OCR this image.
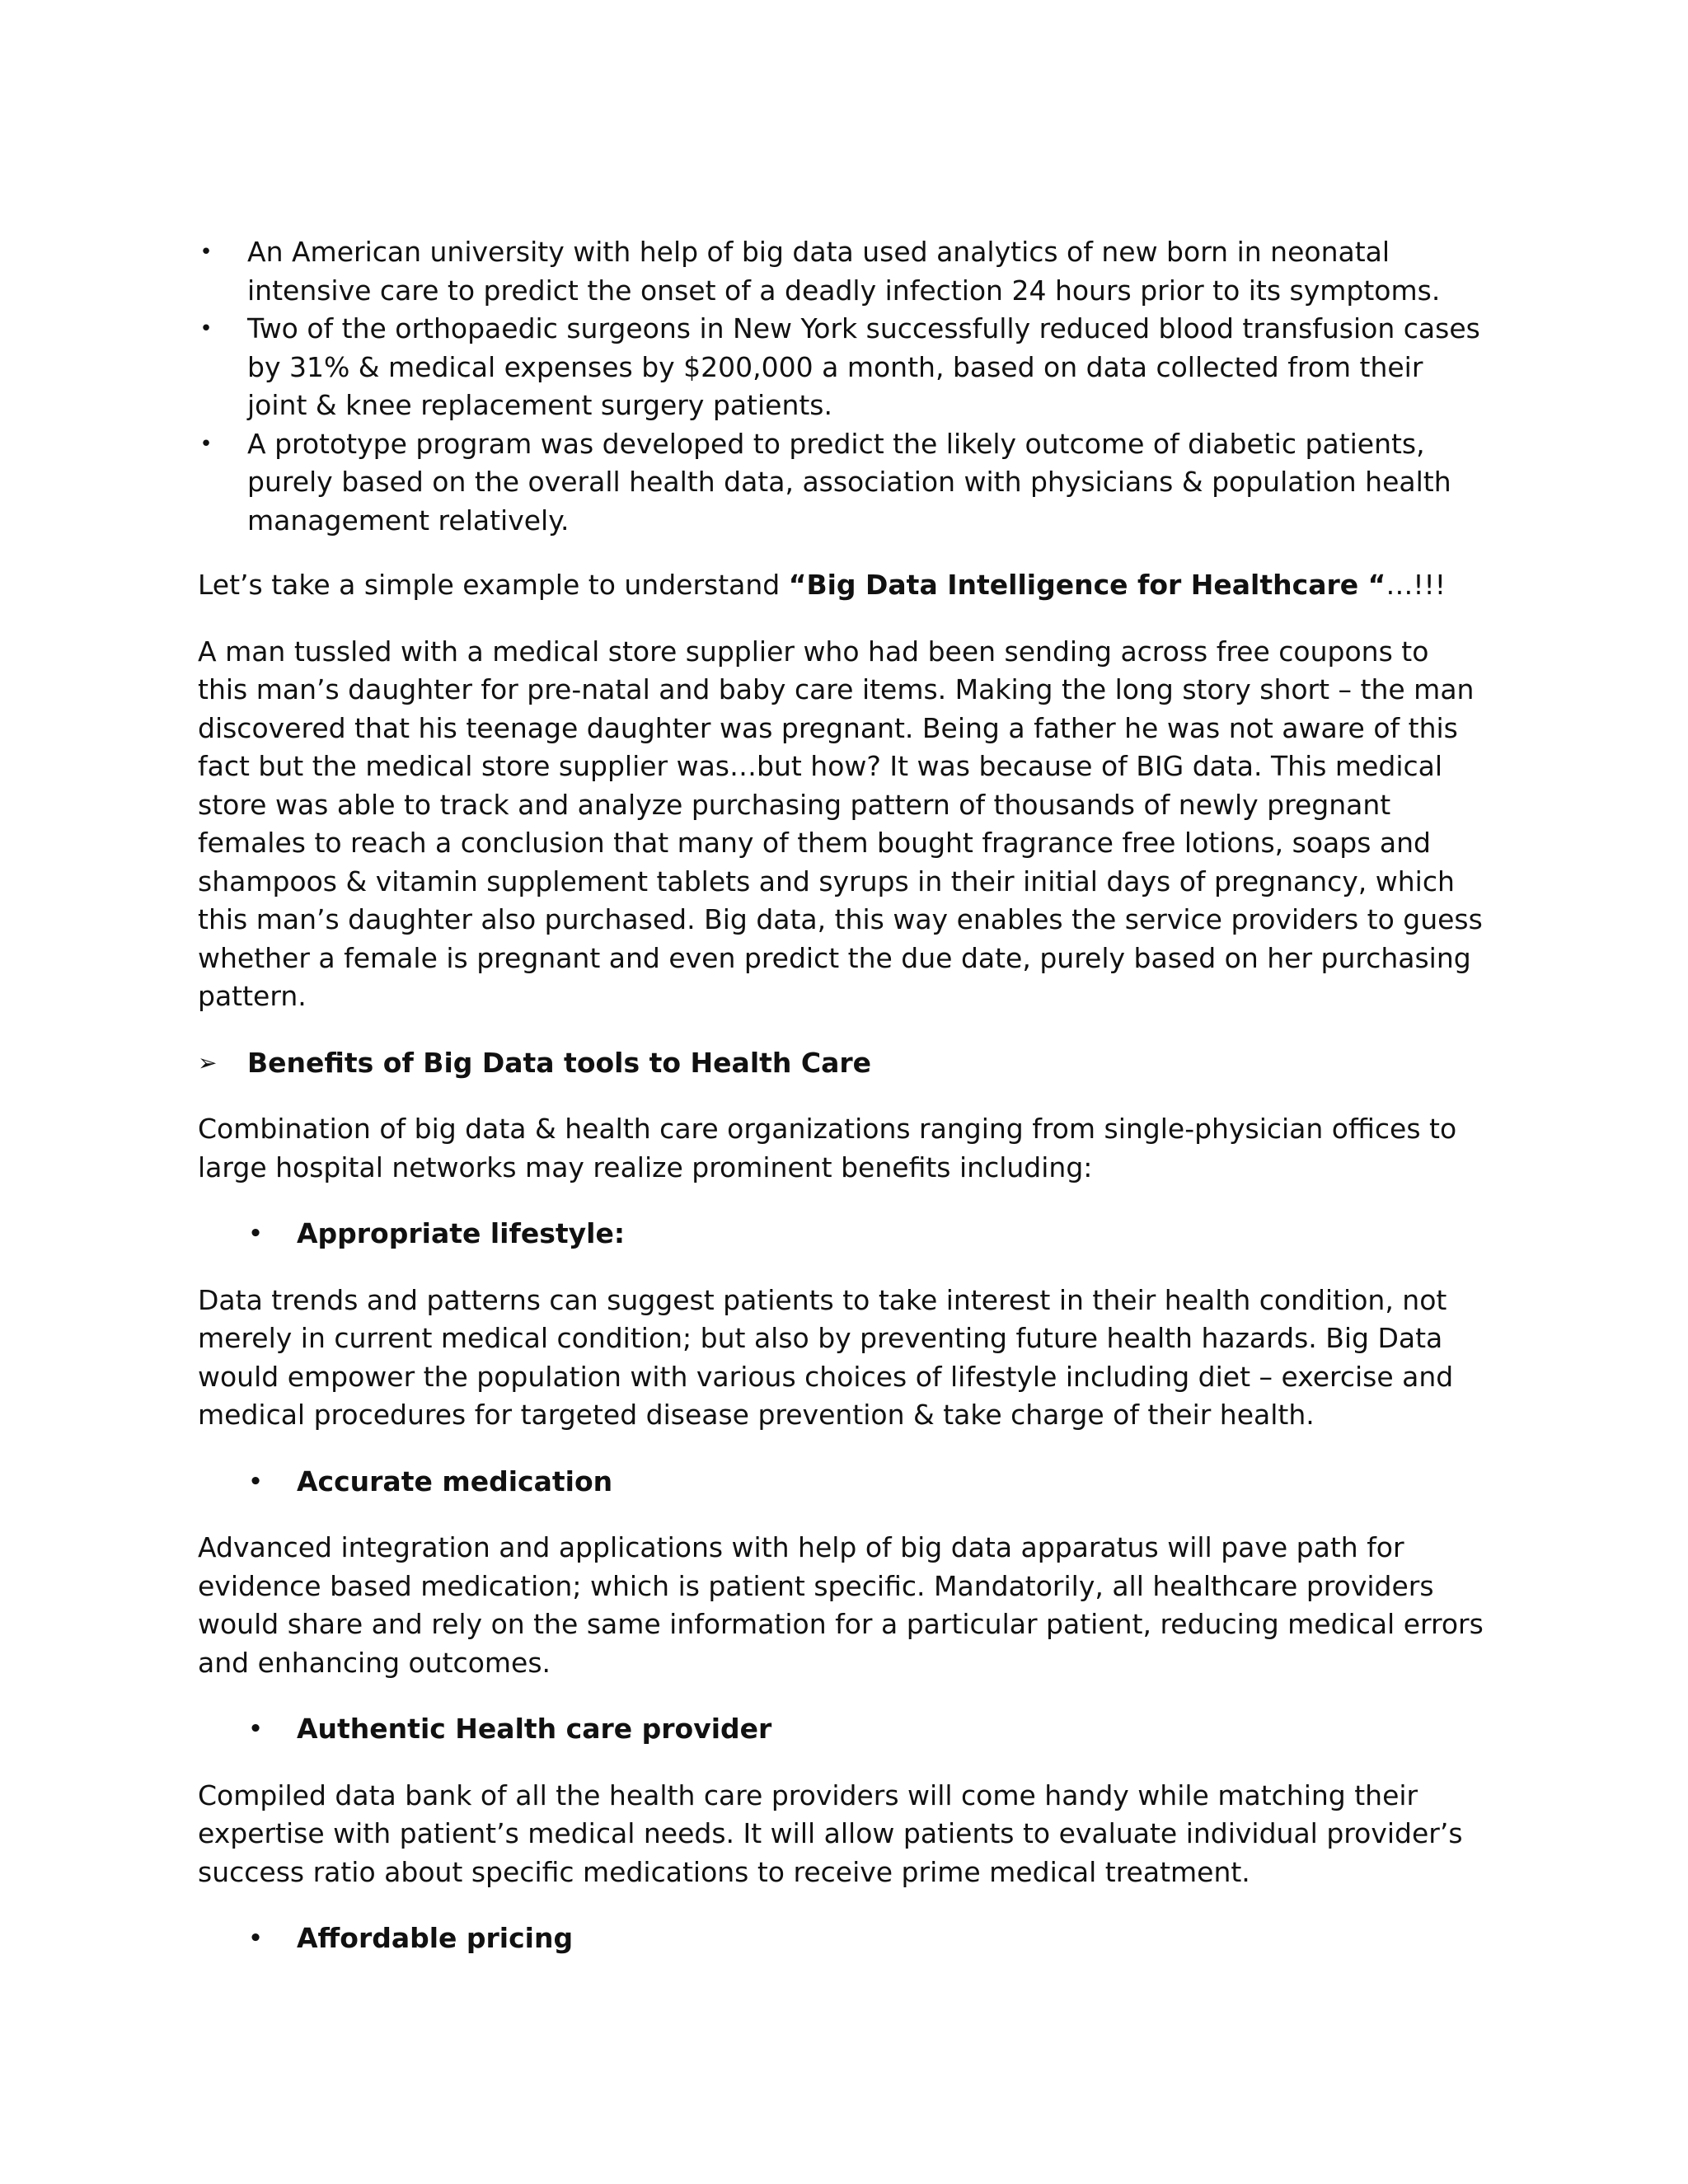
• An American university with help of big data used analytics of new born in neonatal intensive care to predict the onset of a deadly infection 24 hours prior to its symptoms.
• Two of the orthopaedic surgeons in New York successfully reduced blood transfusion cases by 31% & medical expenses by $200,000 a month, based on data collected from their joint & knee replacement surgery patients.
• A prototype program was developed to predict the likely outcome of diabetic patients, purely based on the overall health data, association with physicians & population health management relatively.

Let’s take a simple example to understand “Big Data Intelligence for Healthcare “…!!!

A man tussled with a medical store supplier who had been sending across free coupons to this man’s daughter for pre-natal and baby care items. Making the long story short – the man discovered that his teenage daughter was pregnant. Being a father he was not aware of this fact but the medical store supplier was…but how? It was because of BIG data. This medical store was able to track and analyze purchasing pattern of thousands of newly pregnant females to reach a conclusion that many of them bought fragrance free lotions, soaps and shampoos & vitamin supplement tablets and syrups in their initial days of pregnancy, which this man’s daughter also purchased. Big data, this way enables the service providers to guess whether a female is pregnant and even predict the due date, purely based on her purchasing pattern.

➢ Benefits of Big Data tools to Health Care

Combination of big data & health care organizations ranging from single-physician offices to large hospital networks may realize prominent benefits including:

• Appropriate lifestyle:

Data trends and patterns can suggest patients to take interest in their health condition, not merely in current medical condition; but also by preventing future health hazards. Big Data would empower the population with various choices of lifestyle including diet – exercise and medical procedures for targeted disease prevention & take charge of their health.

• Accurate medication

Advanced integration and applications with help of big data apparatus will pave path for evidence based medication; which is patient specific. Mandatorily, all healthcare providers would share and rely on the same information for a particular patient, reducing medical errors and enhancing outcomes.

• Authentic Health care provider

Compiled data bank of all the health care providers will come handy while matching their expertise with patient’s medical needs. It will allow patients to evaluate individual provider’s success ratio about specific medications to receive prime medical treatment.

• Affordable pricing
